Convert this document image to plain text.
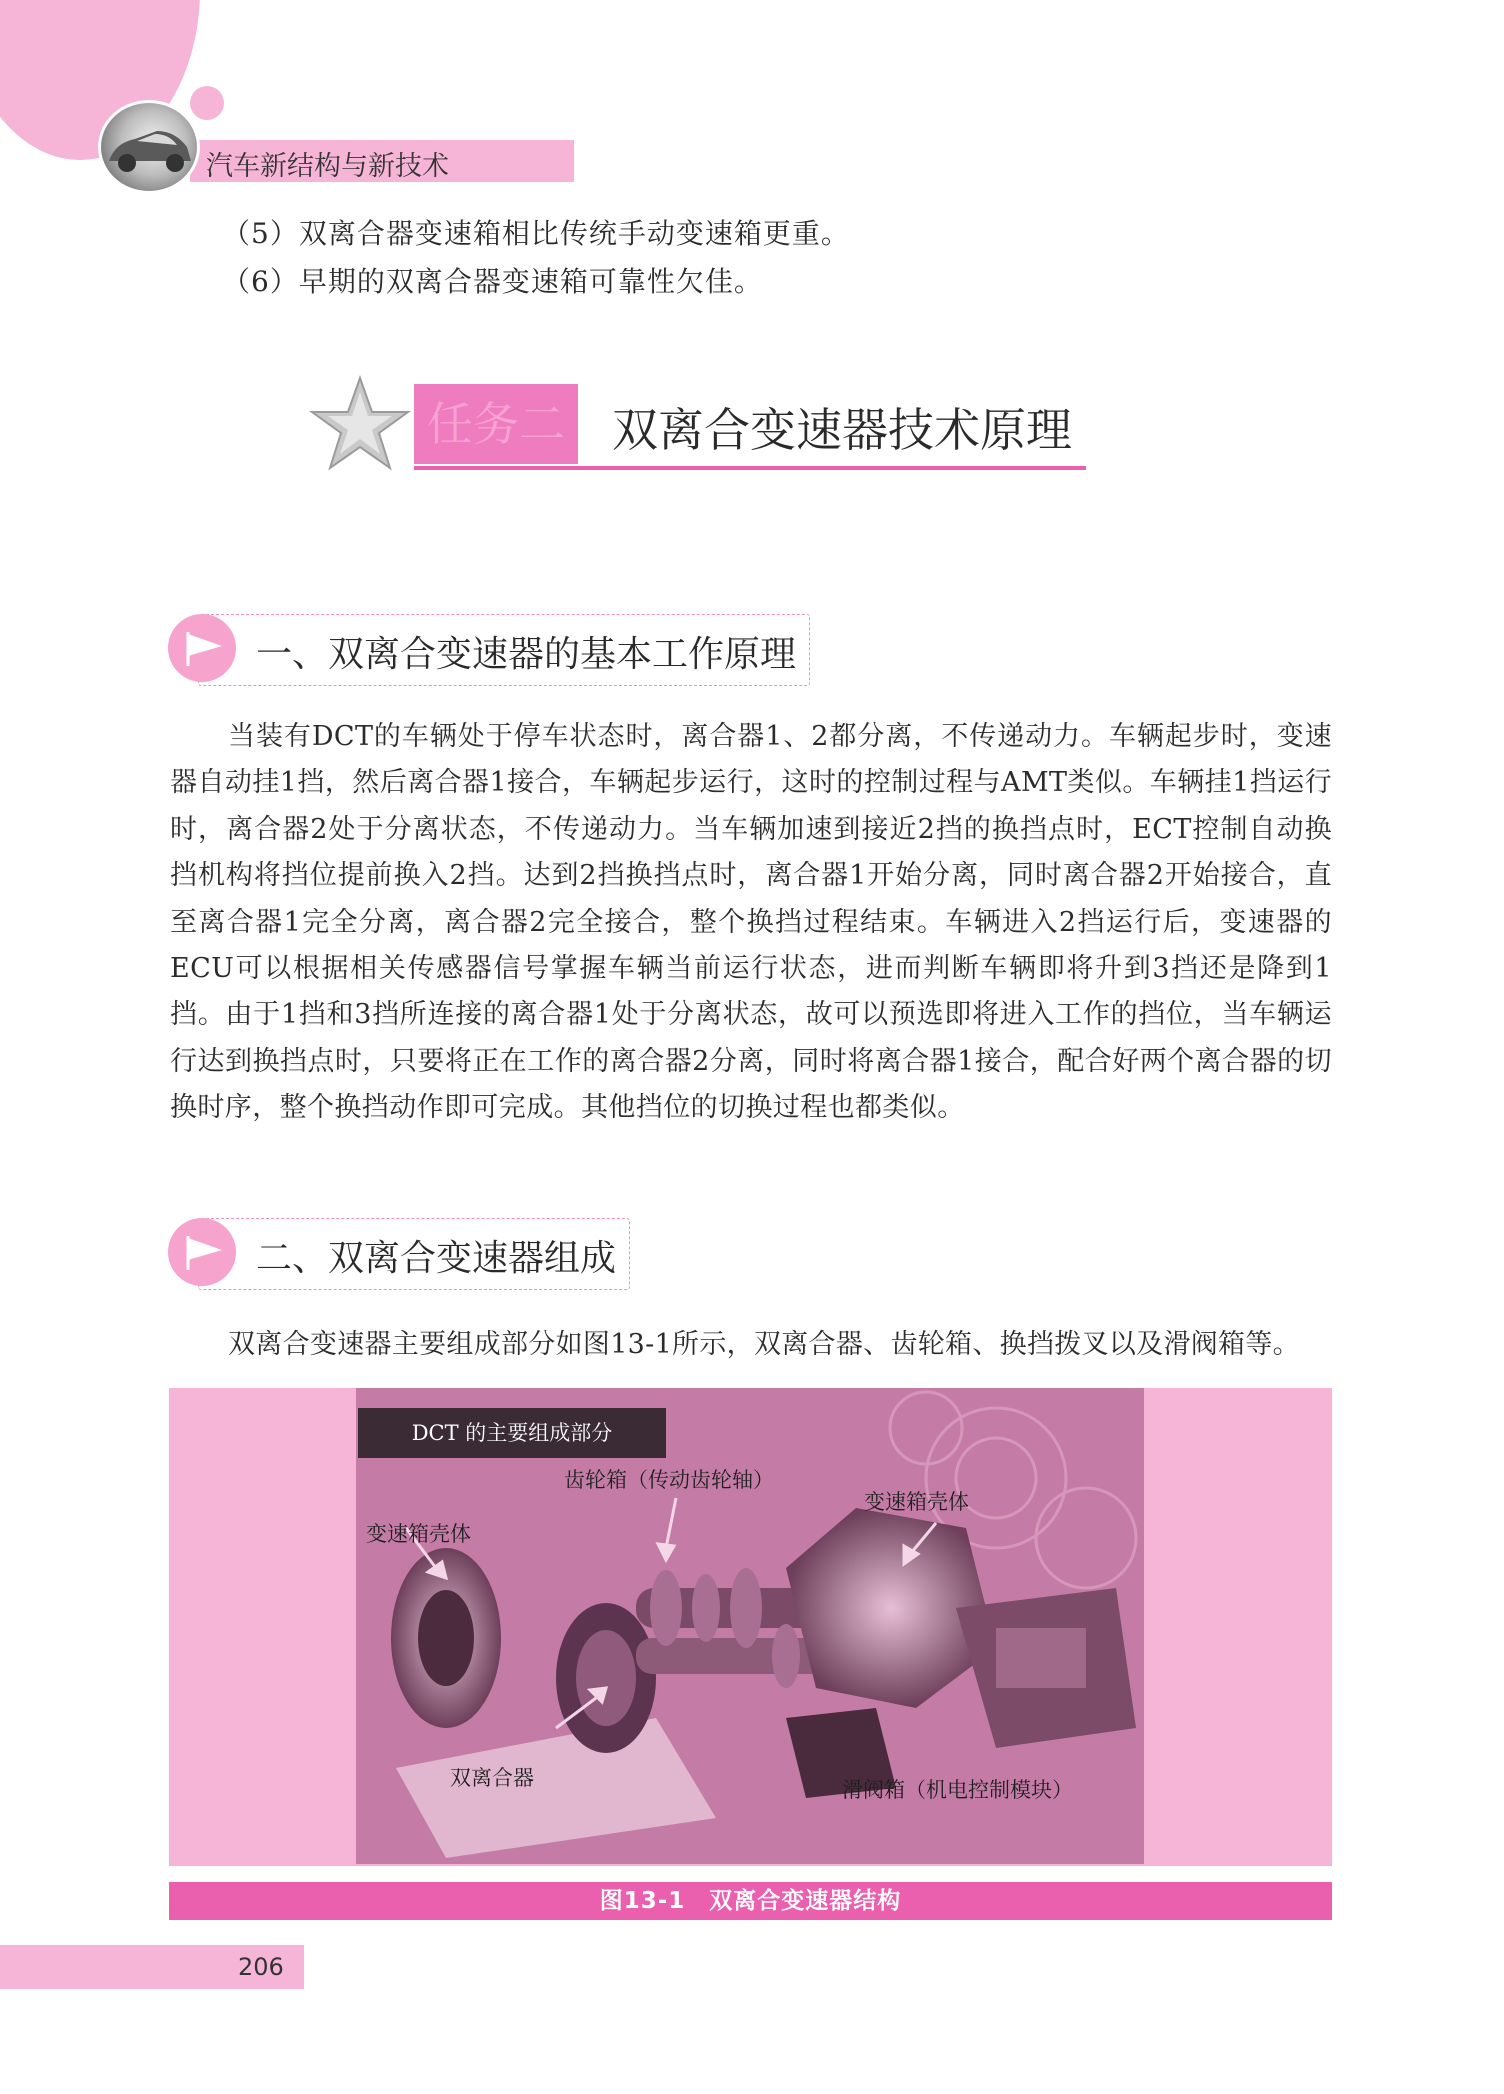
汽车新结构与新技术
（5）双离合器变速箱相比传统手动变速箱更重。
（6）早期的双离合器变速箱可靠性欠佳。
任务二 双离合变速器技术原理
一、双离合变速器的基本工作原理
当装有DCT的车辆处于停车状态时，离合器1、2都分离，不传递动力。车辆起步时，变速器自动挂1挡，然后离合器1接合，车辆起步运行，这时的控制过程与AMT类似。车辆挂1挡运行时，离合器2处于分离状态，不传递动力。当车辆加速到接近2挡的换挡点时，ECT控制自动换挡机构将挡位提前换入2挡。达到2挡换挡点时，离合器1开始分离，同时离合器2开始接合，直至离合器1完全分离，离合器2完全接合，整个换挡过程结束。车辆进入2挡运行后，变速器的ECU可以根据相关传感器信号掌握车辆当前运行状态，进而判断车辆即将升到3挡还是降到1挡。由于1挡和3挡所连接的离合器1处于分离状态，故可以预选即将进入工作的挡位，当车辆运行达到换挡点时，只要将正在工作的离合器2分离，同时将离合器1接合，配合好两个离合器的切换时序，整个换挡动作即可完成。其他挡位的切换过程也都类似。
二、双离合变速器组成
双离合变速器主要组成部分如图13-1所示，双离合器、齿轮箱、换挡拨叉以及滑阀箱等。
DCT 的主要组成部分
齿轮箱（传动齿轮轴）
变速箱壳体
变速箱壳体
双离合器	滑阀箱（机电控制模块）
图13-1　双离合变速器结构
206
